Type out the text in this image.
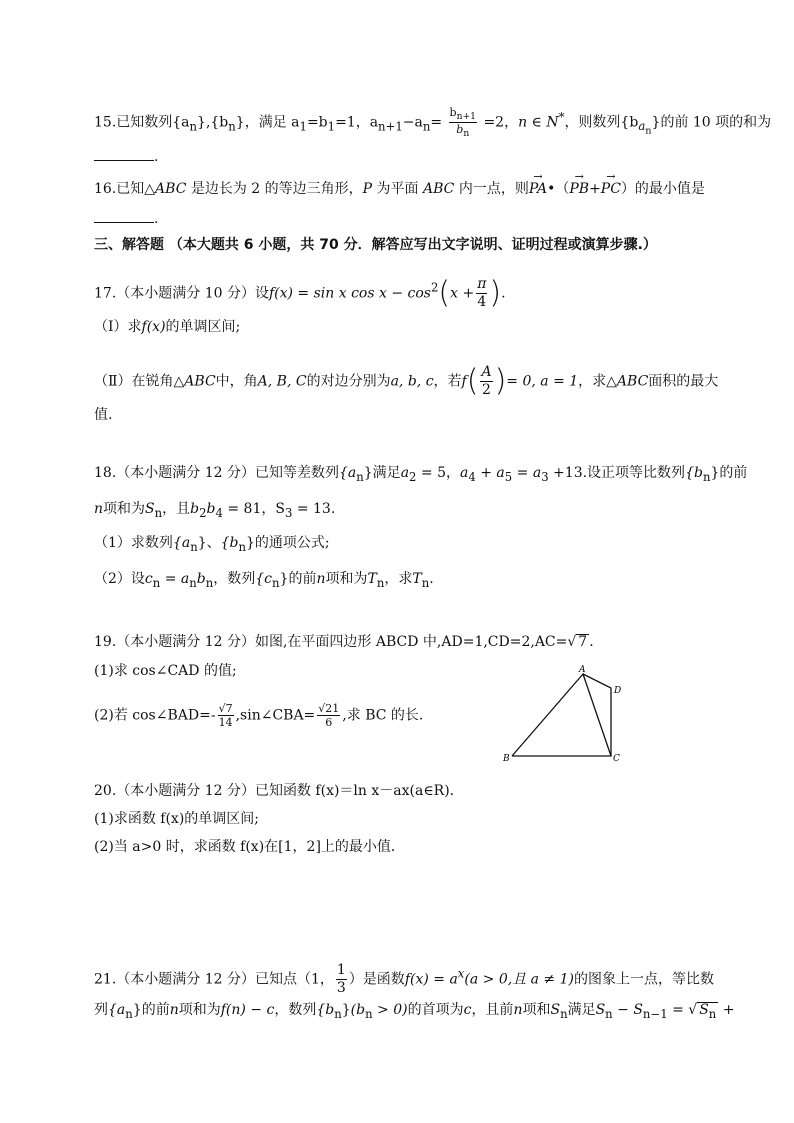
15.已知数列$\{a_n\},\{b_n\}$，满足 $a_1=b_1=1$，$a_{n+1}-a_n= \frac{b_{n+1}}{b_n} =2$，n ∈ N*，则数列$\{b_{a_n}\}$的前 10 项的和为
.
16.已知△ABC 是边长为 2 的等边三角形，P 为平面 ABC 内一点，则→ PA•（→ PB+→ PC）的最小值是
.
三、解答题 （本大题共 6 小题，共 70 分．解答应写出文字说明、证明过程或演算步骤.）
17.（本小题满分 10 分）设f(x) = sin x $\cos x - \cos^2(x + \frac{\pi}{4}$ ).
（Ⅰ）求f(x)的单调区间;
（Ⅱ）在锐角△ABC中，角A, B, C的对边分别为a, b, c，若$f( \frac{A}{2}$ )= 0, a = 1，求△ABC面积的最大
值.
18.（本小题满分 12 分）已知等差数列$\{a_n\}$满足$a_2 = 5$，$a_4 + a_5 = a_3 +13$.设正项等比数列$\{b_n\}$的前
n项和为$S_n$，且$b_2b_4 = 81$，$S_3 = 13$.
（1）求数列$\{a_n\}$、$\{b_n\}$的通项公式;
（2）设$c_n = a_nb_n$，数列$\{c_n\}$的前n项和为$T_n$，求$T_n$.
19.（本小题满分 12 分）如图,在平面四边形 ABCD 中,AD=1,CD=2,AC=√ 7 .
(1)求 cos∠CAD 的值;
(2)若 cos∠BAD=- $\frac{√7}{14}$ ,sin∠CBA= $\frac{√21}{6}$ ,求 BC 的长.
A
B	C
D
20.（本小题满分 12 分）已知函数 f(x)＝ln x－ax(a∈R)．
(1)求函数 f(x)的单调区间;
(2)当 a>0 时，求函数 f(x)在[1，2]上的最小值．
21.（本小题满分 12 分）已知点（1， $\frac{1}{3}$ ）是函数$f(x) = a^x(a > 0$,且 a ≠ 1)的图象上一点，等比数
列$\{a_n\}$的前n项和为f(n) − c，数列$\{b_n\}(b_n > 0)$的首项为c，且前n项和$S_n$满足$S_n - S_{n-1}$ = √ $S_n$ +
